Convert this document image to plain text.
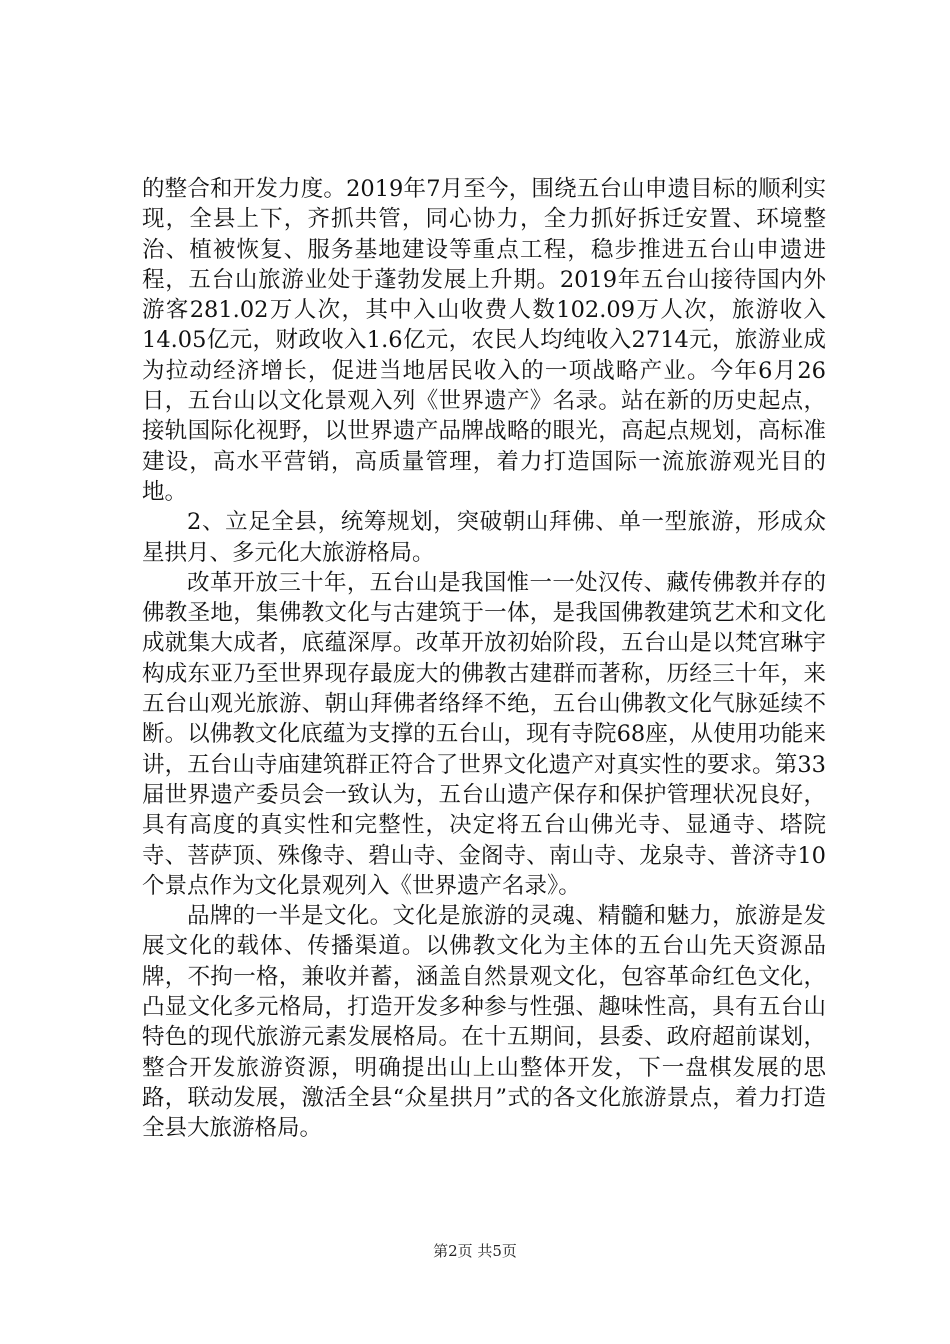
的整合和开发力度。2019年7月至今，围绕五台山申遗目标的顺利实现，全县上下，齐抓共管，同心协力，全力抓好拆迁安置、环境整治、植被恢复、服务基地建设等重点工程，稳步推进五台山申遗进程，五台山旅游业处于蓬勃发展上升期。2019年五台山接待国内外游客281.02万人次，其中入山收费人数102.09万人次，旅游收入14.05亿元，财政收入1.6亿元，农民人均纯收入2714元，旅游业成为拉动经济增长，促进当地居民收入的一项战略产业。今年6月26日，五台山以文化景观入列《世界遗产》名录。站在新的历史起点，接轨国际化视野，以世界遗产品牌战略的眼光，高起点规划，高标准建设，高水平营销，高质量管理，着力打造国际一流旅游观光目的地。

2、立足全县，统筹规划，突破朝山拜佛、单一型旅游，形成众星拱月、多元化大旅游格局。

改革开放三十年，五台山是我国惟一一处汉传、藏传佛教并存的佛教圣地，集佛教文化与古建筑于一体，是我国佛教建筑艺术和文化成就集大成者，底蕴深厚。改革开放初始阶段，五台山是以梵宫琳宇构成东亚乃至世界现存最庞大的佛教古建群而著称，历经三十年，来五台山观光旅游、朝山拜佛者络绎不绝，五台山佛教文化气脉延续不断。以佛教文化底蕴为支撑的五台山，现有寺院68座，从使用功能来讲，五台山寺庙建筑群正符合了世界文化遗产对真实性的要求。第33届世界遗产委员会一致认为，五台山遗产保存和保护管理状况良好，具有高度的真实性和完整性，决定将五台山佛光寺、显通寺、塔院寺、菩萨顶、殊像寺、碧山寺、金阁寺、南山寺、龙泉寺、普济寺10个景点作为文化景观列入《世界遗产名录》。

品牌的一半是文化。文化是旅游的灵魂、精髓和魅力，旅游是发展文化的载体、传播渠道。以佛教文化为主体的五台山先天资源品牌，不拘一格，兼收并蓄，涵盖自然景观文化，包容革命红色文化，凸显文化多元格局，打造开发多种参与性强、趣味性高，具有五台山特色的现代旅游元素发展格局。在十五期间，县委、政府超前谋划，整合开发旅游资源，明确提出山上山整体开发，下一盘棋发展的思路，联动发展，激活全县“众星拱月”式的各文化旅游景点，着力打造全县大旅游格局。

第2页 共5页
